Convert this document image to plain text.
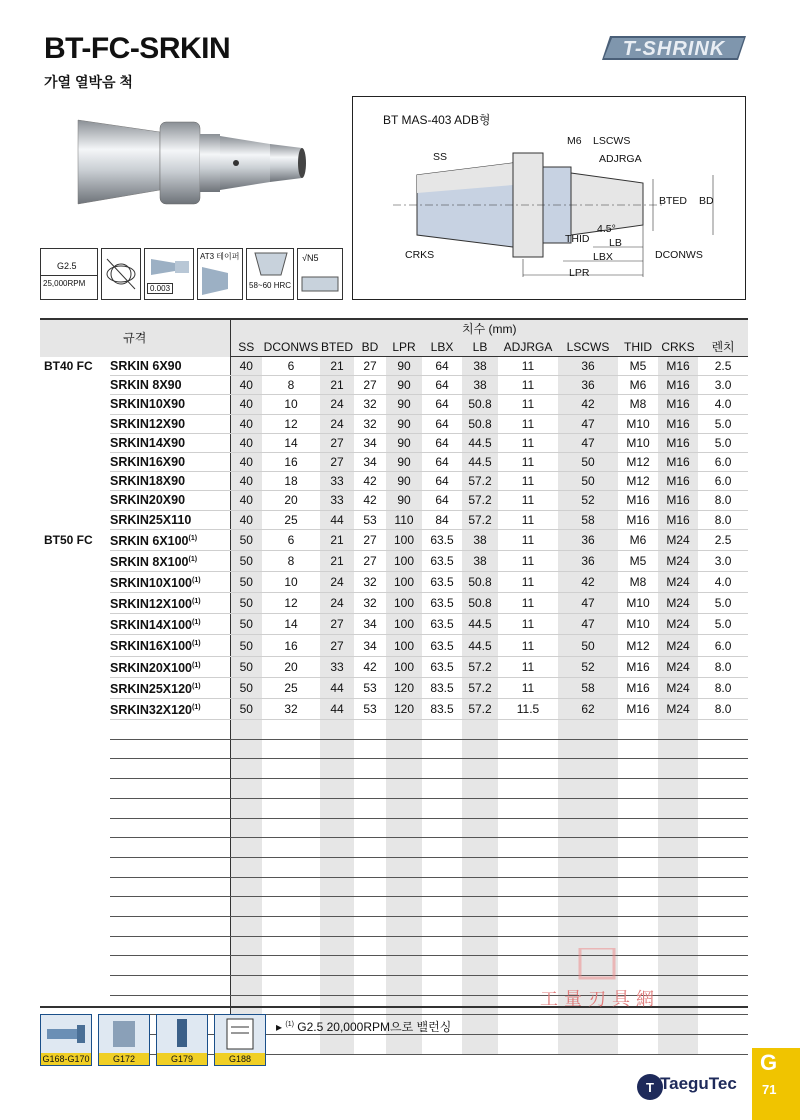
BT-FC-SRKIN
가열 열박음 척
T-SHRINK
G2.5
25,000RPM
0.003
AT3 테이퍼
58~60 HRC
√N5
BT MAS-403 ADB형
SS
M6 LSCWS
ADJRGA
BTED BD
4.5°
THID LB
CRKS	LBX	DCONWS
LPR
규격		치수 (mm)											
		SS	DCONWS	BTED	BD	LPR	LBX	LB	ADJRGA	LSCWS	THID	CRKS	렌치
BT40 FC	SRKIN 6X90	40	6	21	27	90	64	38	11	36	M5	M16	2.5
	SRKIN 8X90	40	8	21	27	90	64	38	11	36	M6	M16	3.0
	SRKIN10X90	40	10	24	32	90	64	50.8	11	42	M8	M16	4.0
	SRKIN12X90	40	12	24	32	90	64	50.8	11	47	M10	M16	5.0
	SRKIN14X90	40	14	27	34	90	64	44.5	11	47	M10	M16	5.0
	SRKIN16X90	40	16	27	34	90	64	44.5	11	50	M12	M16	6.0
	SRKIN18X90	40	18	33	42	90	64	57.2	11	50	M12	M16	6.0
	SRKIN20X90	40	20	33	42	90	64	57.2	11	52	M16	M16	8.0
	SRKIN25X110	40	25	44	53	110	84	57.2	11	58	M16	M16	8.0
BT50 FC	SRKIN 6X100$^{(1)}$	50	6	21	27	100	63.5	38	11	36	M6	M24	2.5
	SRKIN 8X100$^{(1)}$	50	8	21	27	100	63.5	38	11	36	M5	M24	3.0
	SRKIN10X100$^{(1)}$	50	10	24	32	100	63.5	50.8	11	42	M8	M24	4.0
	SRKIN12X100$^{(1)}$	50	12	24	32	100	63.5	50.8	11	47	M10	M24	5.0
	SRKIN14X100$^{(1)}$	50	14	27	34	100	63.5	44.5	11	47	M10	M24	5.0
	SRKIN16X100$^{(1)}$	50	16	27	34	100	63.5	44.5	11	50	M12	M24	6.0
	SRKIN20X100$^{(1)}$	50	20	33	42	100	63.5	57.2	11	52	M16	M24	8.0
	SRKIN25X120$^{(1)}$	50	25	44	53	120	83.5	57.2	11	58	M16	M24	8.0
	SRKIN32X120$^{(1)}$	50	32	44	53	120	83.5	57.2	11.5	62	M16	M24	8.0

▸ $^{(1)}$ G2.5 20,000RPM으로 밸런싱
G168-G170	G172	G179	G188
工量刃具網
T TaeguTec
G
71
